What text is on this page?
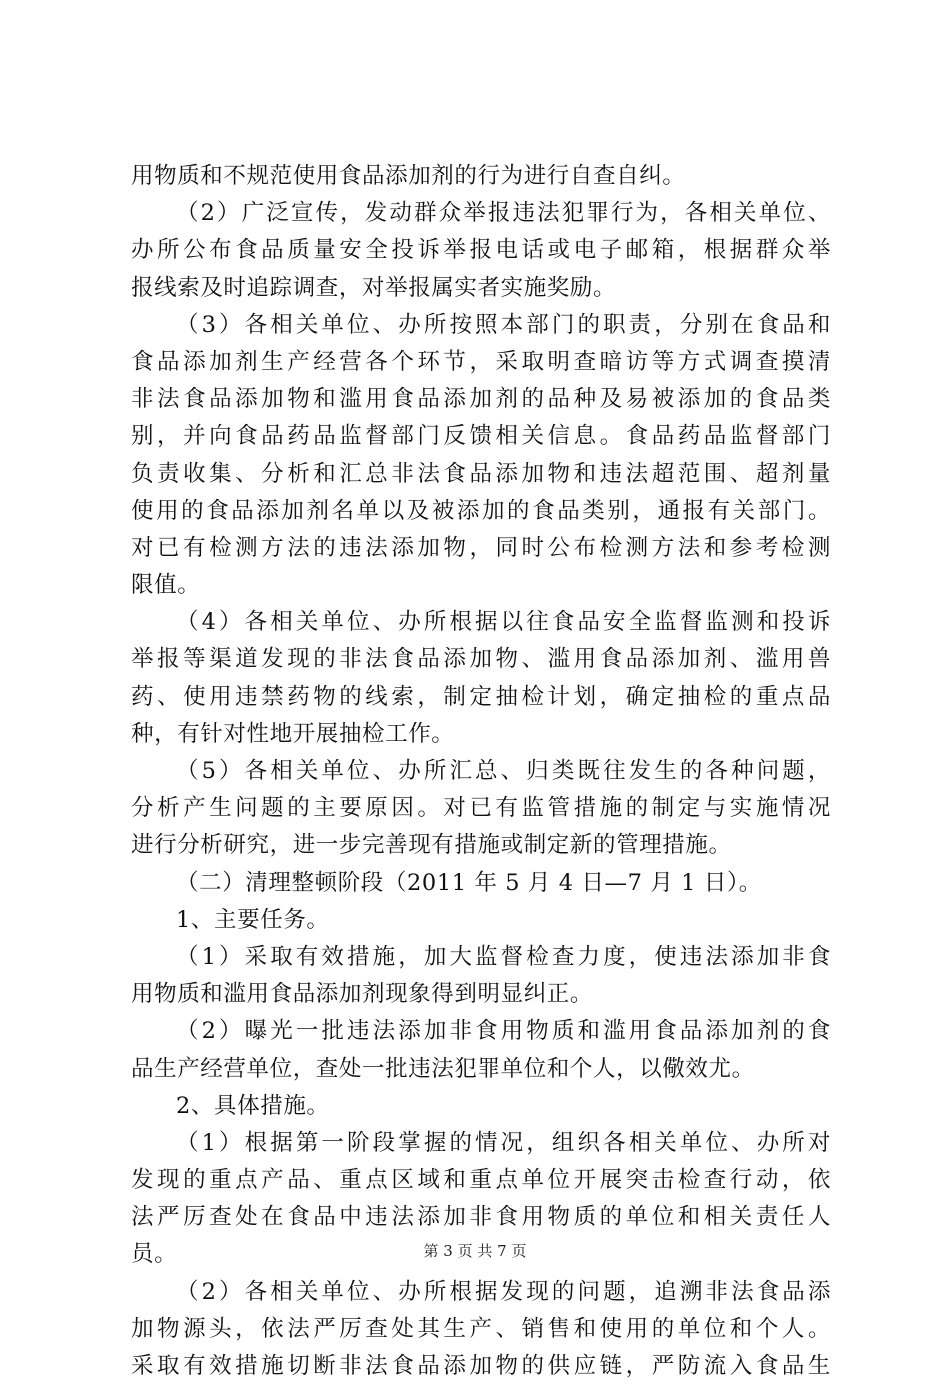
用物质和不规范使用食品添加剂的行为进行自查自纠。
（2）广泛宣传，发动群众举报违法犯罪行为，各相关单位、
办所公布食品质量安全投诉举报电话或电子邮箱，根据群众举
报线索及时追踪调查，对举报属实者实施奖励。
（3）各相关单位、办所按照本部门的职责，分别在食品和
食品添加剂生产经营各个环节，采取明查暗访等方式调查摸清
非法食品添加物和滥用食品添加剂的品种及易被添加的食品类
别，并向食品药品监督部门反馈相关信息。食品药品监督部门
负责收集、分析和汇总非法食品添加物和违法超范围、超剂量
使用的食品添加剂名单以及被添加的食品类别，通报有关部门。
对已有检测方法的违法添加物，同时公布检测方法和参考检测
限值。
（4）各相关单位、办所根据以往食品安全监督监测和投诉
举报等渠道发现的非法食品添加物、滥用食品添加剂、滥用兽
药、使用违禁药物的线索，制定抽检计划，确定抽检的重点品
种，有针对性地开展抽检工作。
（5）各相关单位、办所汇总、归类既往发生的各种问题，
分析产生问题的主要原因。对已有监管措施的制定与实施情况
进行分析研究，进一步完善现有措施或制定新的管理措施。
（二）清理整顿阶段（2011 年 5 月 4 日—7 月 1 日）。
1、主要任务。
（1）采取有效措施，加大监督检查力度，使违法添加非食
用物质和滥用食品添加剂现象得到明显纠正。
（2）曝光一批违法添加非食用物质和滥用食品添加剂的食
品生产经营单位，查处一批违法犯罪单位和个人，以儆效尤。
2、具体措施。
（1）根据第一阶段掌握的情况，组织各相关单位、办所对
发现的重点产品、重点区域和重点单位开展突击检查行动，依
法严厉查处在食品中违法添加非食用物质的单位和相关责任人
员。
（2）各相关单位、办所根据发现的问题，追溯非法食品添
加物源头，依法严厉查处其生产、销售和使用的单位和个人。
采取有效措施切断非法食品添加物的供应链，严防流入食品生
第 3 页 共 7 页
